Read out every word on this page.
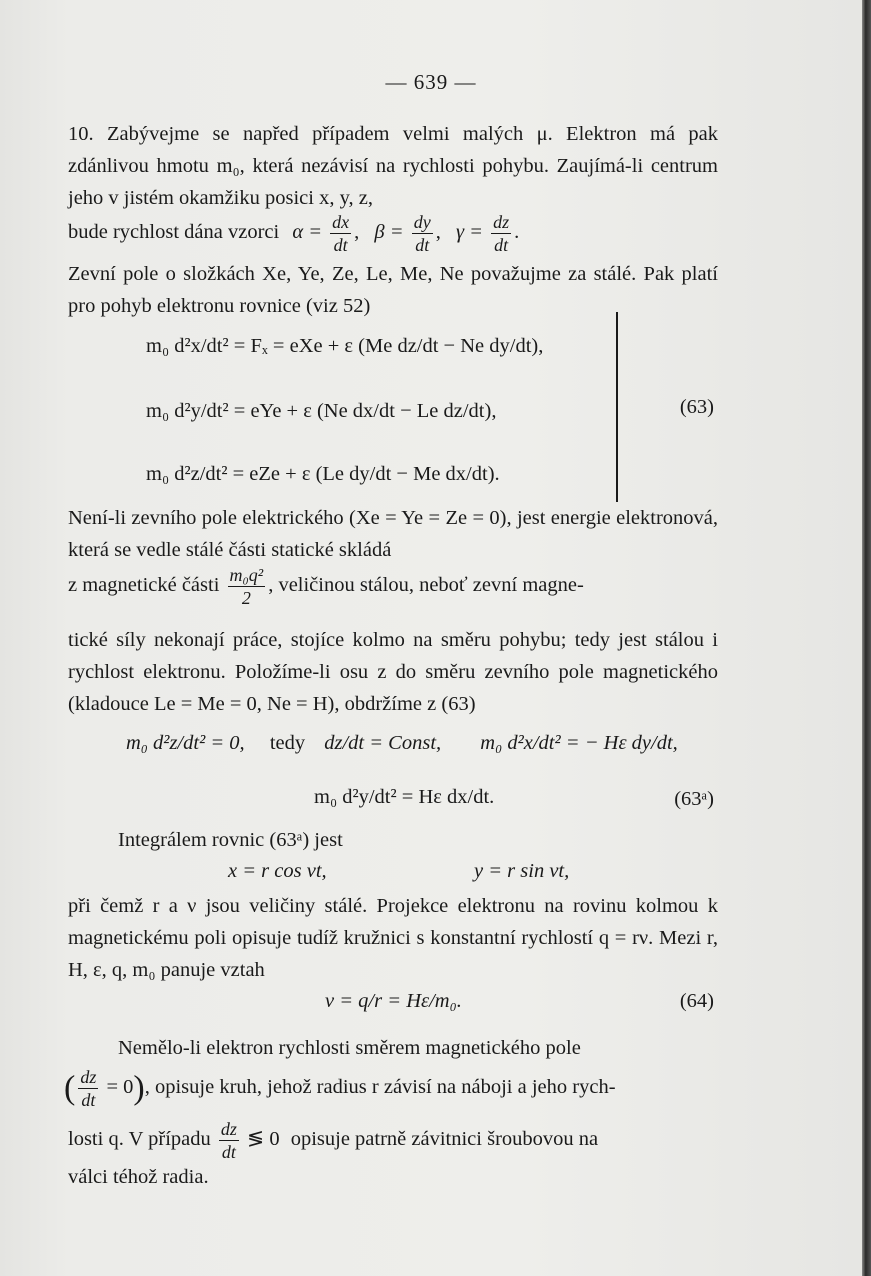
— 639 —
10. Zabývejme se napřed případem velmi malých μ. Elektron má pak zdánlivou hmotu m₀, která nezávisí na rychlosti pohybu. Zaujímá-li centrum jeho v jistém okamžiku posici x, y, z,
bude rychlost dána vzorci $\alpha = \frac{dx}{dt}$ , $\beta = \frac{dy}{dt}$ , $\gamma = \frac{dz}{dt}$ .
Zevní pole o složkách Xe, Ye, Ze, Le, Me, Ne považujme za stálé. Pak platí pro pohyb elektronu rovnice (viz 52)
m₀ d²x/dt² = Fₓ = eXe + ε (Me dz/dt − Ne dy/dt),
m₀ d²y/dt² = eYe + ε (Ne dx/dt − Le dz/dt),
m₀ d²z/dt² = eZe + ε (Le dy/dt − Me dx/dt).
(63)
Není-li zevního pole elektrického (Xe = Ye = Ze = 0), jest energie elektronová, která se vedle stálé části statické skládá
z magnetické části $\frac{\text{m₀q²}}{2}$ , veličinou stálou, neboť zevní magne-
tické síly nekonají práce, stojíce kolmo na směru pohybu; tedy jest stálou i rychlost elektronu. Položíme-li osu z do směru zevního pole magnetického (kladouce Le = Me = 0, Ne = H), obdržíme z (63)
m₀ d²z/dt² = 0, tedy dz/dt = Const, m₀ d²x/dt² = − Hε dy/dt,
m₀ d²y/dt² = Hε dx/dt.	(63ᵃ)
Integrálem rovnic (63ᵃ) jest
x = r cos νt,	y = r sin νt,
při čemž r a ν jsou veličiny stálé. Projekce elektronu na rovinu kolmou k magnetickému poli opisuje tudíž kružnici s konstantní rychlostí q = rν. Mezi r, H, ε, q, m₀ panuje vztah
ν = q/r = Hε/m₀.	(64)
Nemělo-li elektron rychlosti směrem magnetického pole
( $\frac{dz}{dt} = 0$), opisuje kruh, jehož radius r závisí na náboji a jeho rych-
losti q. V případu $\frac{dz}{dt}$ ≶ 0 opisuje patrně závitnici šroubovou na
válci téhož radia.
